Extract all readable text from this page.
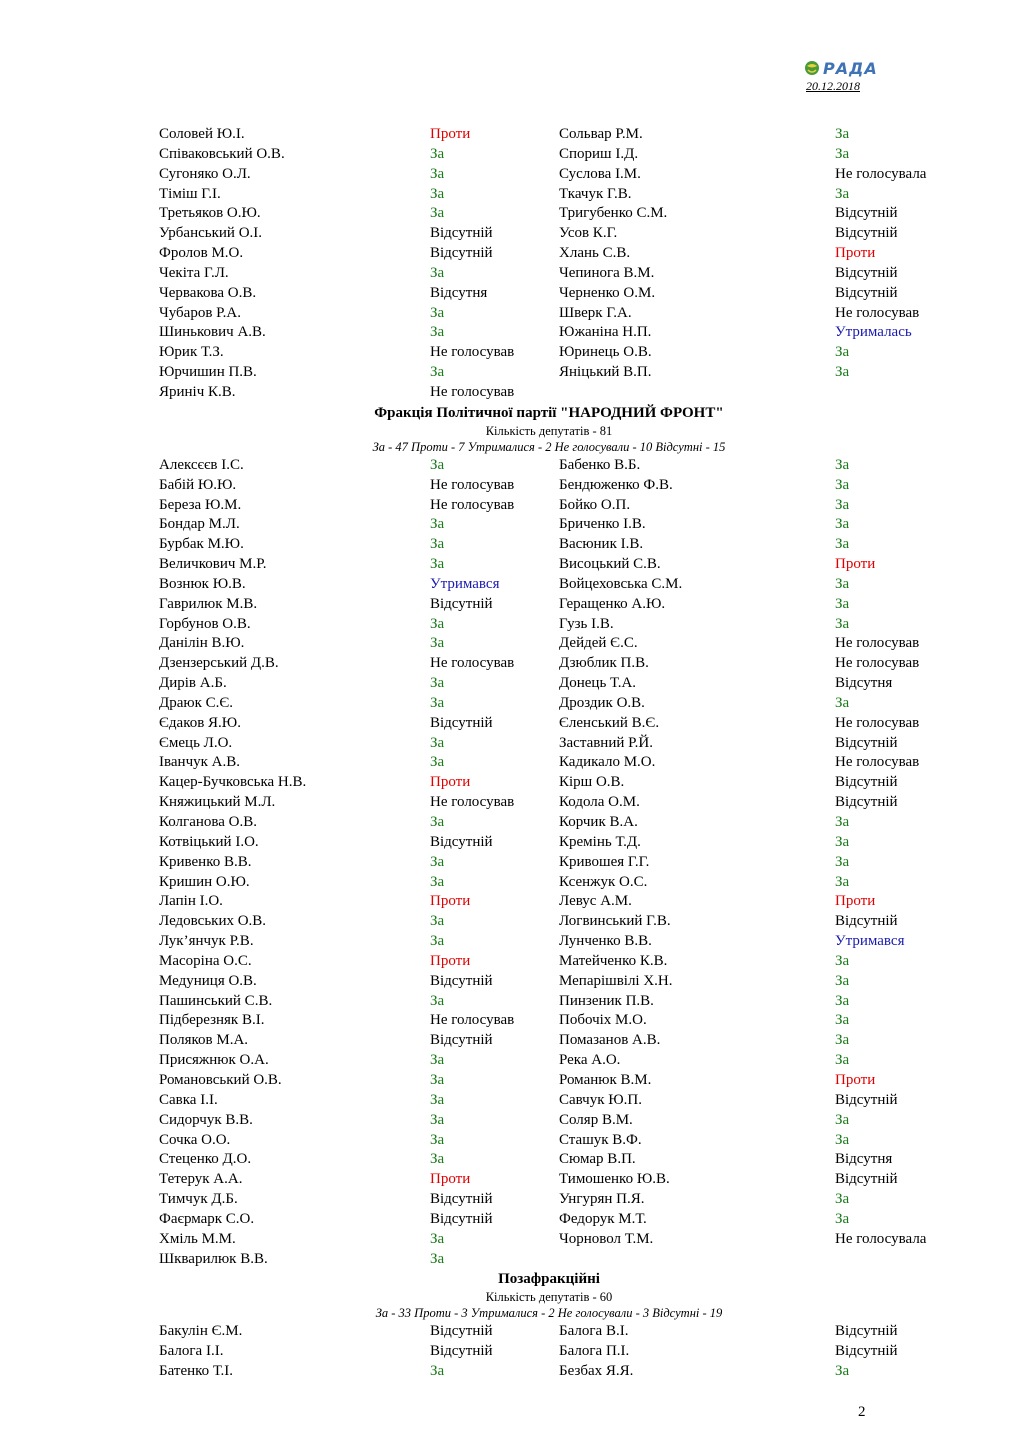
РАДА
20.12.2018
Соловей Ю.І.	Проти	Сольвар Р.М.	За
Співаковський О.В.	За	Спориш І.Д.	За
Сугоняко О.Л.	За	Суслова І.М.	Не голосувала
Тіміш Г.І.	За	Ткачук Г.В.	За
Третьяков О.Ю.	За	Тригубенко С.М.	Відсутній
Урбанський О.І.	Відсутній	Усов К.Г.	Відсутній
Фролов М.О.	Відсутній	Хлань С.В.	Проти
Чекіта Г.Л.	За	Чепинога В.М.	Відсутній
Червакова О.В.	Відсутня	Черненко О.М.	Відсутній
Чубаров Р.А.	За	Шверк Г.А.	Не голосував
Шинькович А.В.	За	Южаніна Н.П.	Утрималась
Юрик Т.З.	Не голосував	Юринець О.В.	За
Юрчишин П.В.	За	Яніцький В.П.	За
Яриніч К.В.	Не голосував
Фракція Політичної партії "НАРОДНИЙ ФРОНТ"
Кількість депутатів - 81
За - 47 Проти - 7 Утрималися - 2 Не голосували - 10 Відсутні - 15
Алексєєв І.С.	За	Бабенко В.Б.	За
Бабій Ю.Ю.	Не голосував	Бендюженко Ф.В.	За
Береза Ю.М.	Не голосував	Бойко О.П.	За
Бондар М.Л.	За	Бриченко І.В.	За
Бурбак М.Ю.	За	Васюник І.В.	За
Величкович М.Р.	За	Висоцький С.В.	Проти
Вознюк Ю.В.	Утримався	Войцеховська С.М.	За
Гаврилюк М.В.	Відсутній	Геращенко А.Ю.	За
Горбунов О.В.	За	Гузь І.В.	За
Данілін В.Ю.	За	Дейдей Є.С.	Не голосував
Дзензерський Д.В.	Не голосував	Дзюблик П.В.	Не голосував
Дирів А.Б.	За	Донець Т.А.	Відсутня
Драюк С.Є.	За	Дроздик О.В.	За
Єдаков Я.Ю.	Відсутній	Єленський В.Є.	Не голосував
Ємець Л.О.	За	Заставний Р.Й.	Відсутній
Іванчук А.В.	За	Кадикало М.О.	Не голосував
Кацер-Бучковська Н.В.	Проти	Кірш О.В.	Відсутній
Княжицький М.Л.	Не голосував	Кодола О.М.	Відсутній
Колганова О.В.	За	Корчик В.А.	За
Котвіцький І.О.	Відсутній	Кремінь Т.Д.	За
Кривенко В.В.	За	Кривошея Г.Г.	За
Кришин О.Ю.	За	Ксенжук О.С.	За
Лапін І.О.	Проти	Левус А.М.	Проти
Ледовських О.В.	За	Логвинський Г.В.	Відсутній
Лук’янчук Р.В.	За	Лунченко В.В.	Утримався
Масоріна О.С.	Проти	Матейченко К.В.	За
Медуниця О.В.	Відсутній	Мепарішвілі Х.Н.	За
Пашинський С.В.	За	Пинзеник П.В.	За
Підберезняк В.І.	Не голосував	Побочіх М.О.	За
Поляков М.А.	Відсутній	Помазанов А.В.	За
Присяжнюк О.А.	За	Река А.О.	За
Романовський О.В.	За	Романюк В.М.	Проти
Савка І.І.	За	Савчук Ю.П.	Відсутній
Сидорчук В.В.	За	Соляр В.М.	За
Сочка О.О.	За	Сташук В.Ф.	За
Стеценко Д.О.	За	Сюмар В.П.	Відсутня
Тетерук А.А.	Проти	Тимошенко Ю.В.	Відсутній
Тимчук Д.Б.	Відсутній	Унгурян П.Я.	За
Фаєрмарк С.О.	Відсутній	Федорук М.Т.	За
Хміль М.М.	За	Чорновол Т.М.	Не голосувала
Шкварилюк В.В.	За
Позафракційні
Кількість депутатів - 60
За - 33 Проти - 3 Утрималися - 2 Не голосували - 3 Відсутні - 19
Бакулін Є.М.	Відсутній	Балога В.І.	Відсутній
Балога І.І.	Відсутній	Балога П.І.	Відсутній
Батенко Т.І.	За	Безбах Я.Я.	За
2
